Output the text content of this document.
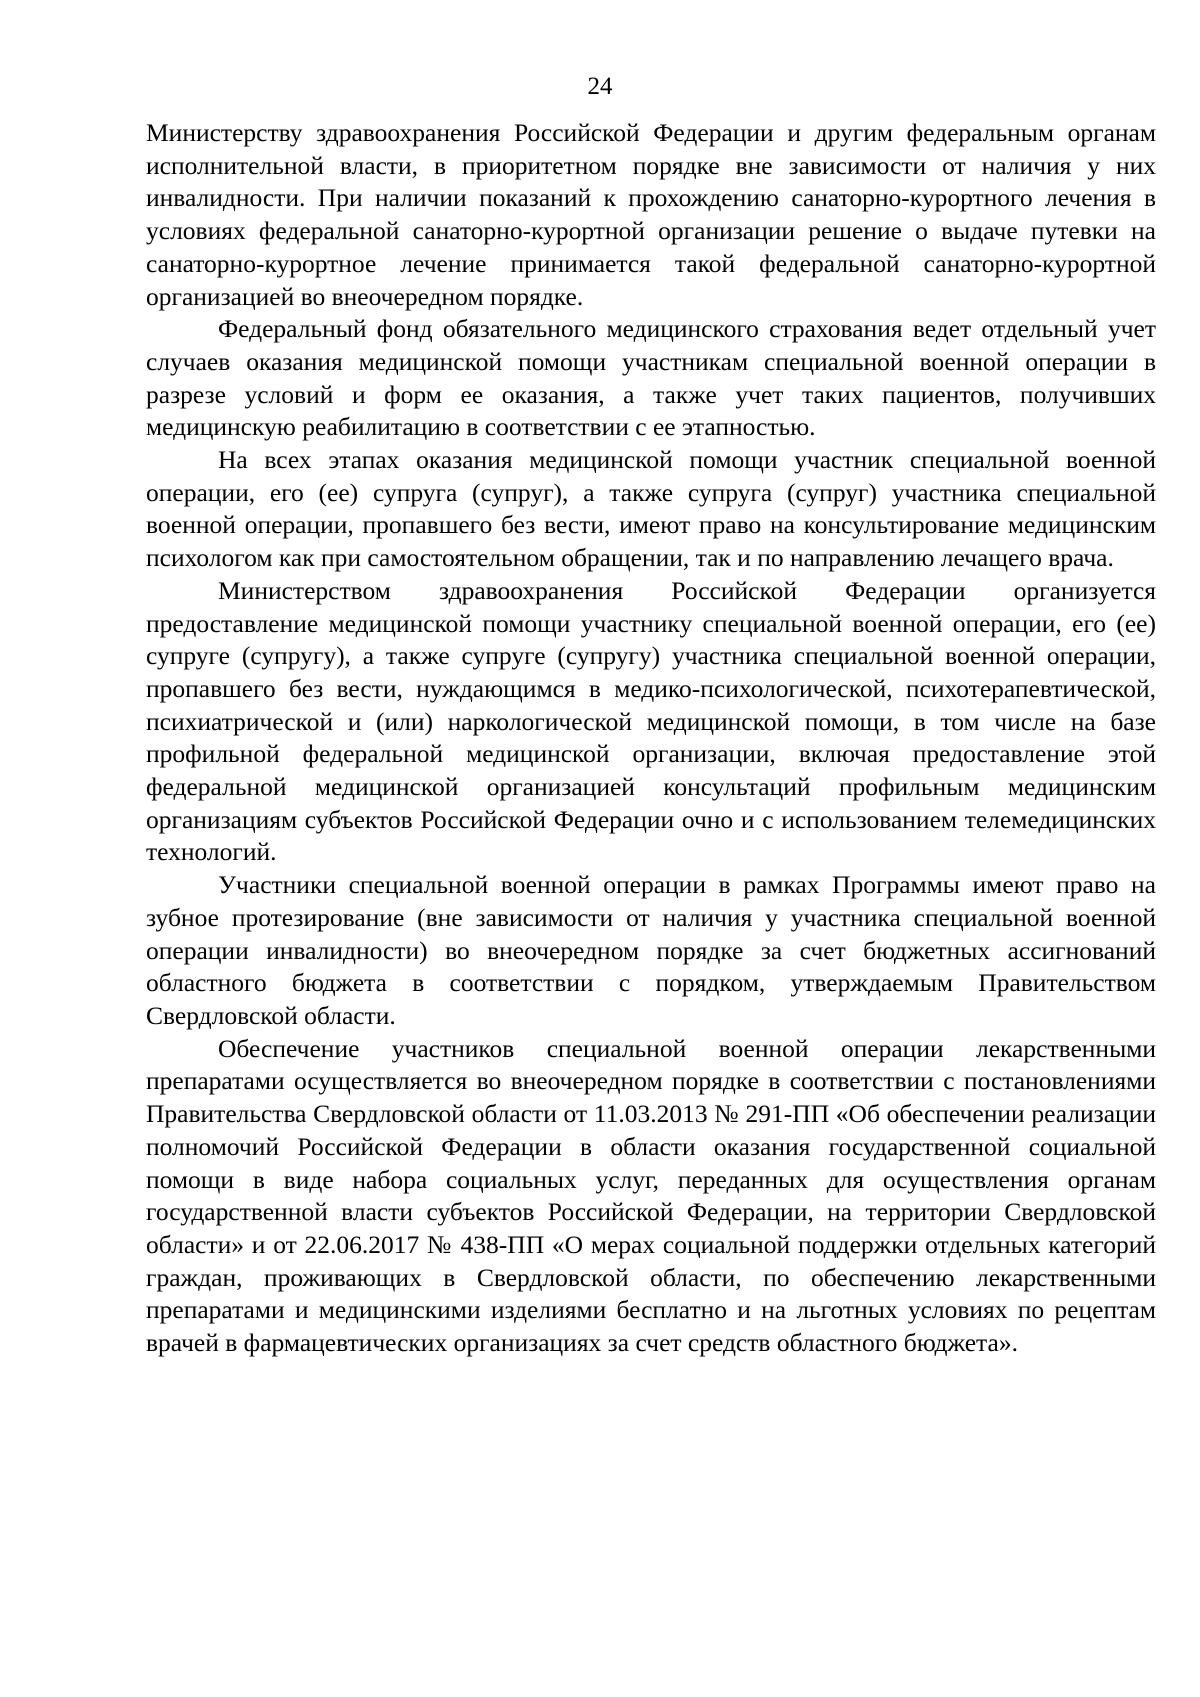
24

Министерству здравоохранения Российской Федерации и другим федеральным органам исполнительной власти, в приоритетном порядке вне зависимости от наличия у них инвалидности. При наличии показаний к прохождению санаторно-курортного лечения в условиях федеральной санаторно-курортной организации решение о выдаче путевки на санаторно-курортное лечение принимается такой федеральной санаторно-курортной организацией во внеочередном порядке.

Федеральный фонд обязательного медицинского страхования ведет отдельный учет случаев оказания медицинской помощи участникам специальной военной операции в разрезе условий и форм ее оказания, а также учет таких пациентов, получивших медицинскую реабилитацию в соответствии с ее этапностью.

На всех этапах оказания медицинской помощи участник специальной военной операции, его (ее) супруга (супруг), а также супруга (супруг) участника специальной военной операции, пропавшего без вести, имеют право на консультирование медицинским психологом как при самостоятельном обращении, так и по направлению лечащего врача.

Министерством здравоохранения Российской Федерации организуется предоставление медицинской помощи участнику специальной военной операции, его (ее) супруге (супругу), а также супруге (супругу) участника специальной военной операции, пропавшего без вести, нуждающимся в медико-психологической, психотерапевтической, психиатрической и (или) наркологической медицинской помощи, в том числе на базе профильной федеральной медицинской организации, включая предоставление этой федеральной медицинской организацией консультаций профильным медицинским организациям субъектов Российской Федерации очно и с использованием телемедицинских технологий.

Участники специальной военной операции в рамках Программы имеют право на зубное протезирование (вне зависимости от наличия у участника специальной военной операции инвалидности) во внеочередном порядке за счет бюджетных ассигнований областного бюджета в соответствии с порядком, утверждаемым Правительством Свердловской области.

Обеспечение участников специальной военной операции лекарственными препаратами осуществляется во внеочередном порядке в соответствии с постановлениями Правительства Свердловской области от 11.03.2013 № 291-ПП «Об обеспечении реализации полномочий Российской Федерации в области оказания государственной социальной помощи в виде набора социальных услуг, переданных для осуществления органам государственной власти субъектов Российской Федерации, на территории Свердловской области» и от 22.06.2017 № 438-ПП «О мерах социальной поддержки отдельных категорий граждан, проживающих в Свердловской области, по обеспечению лекарственными препаратами и медицинскими изделиями бесплатно и на льготных условиях по рецептам врачей в фармацевтических организациях за счет средств областного бюджета».
